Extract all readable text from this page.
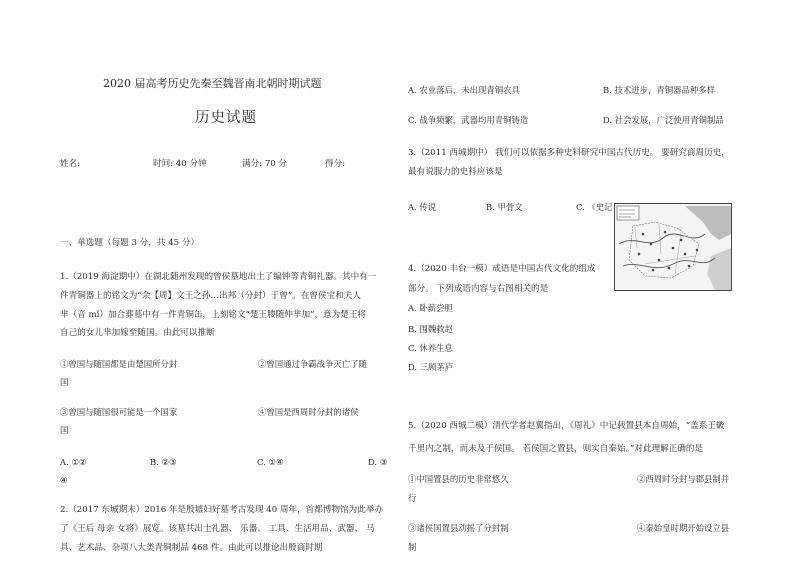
2020 届高考历史先秦至魏晋南北朝时期试题
历史试题
姓名:	时间: 40 分钟	满分: 70 分	得分:
一、单选题（每题 3 分，共 45 分）
1.（2019 海淀期中）在湖北随州发现的曾侯墓地出土了编钟等青铜礼器。其中有一
件青铜器上的铭文为“余【周】文王之孙…出邦（分封）于曾”。在曾侯宝和夫人
芈（音 mǐ）加合葬墓中有一件青铜缶，上刻铭文“楚王媵随仲芈加”，意为楚王将
自己的女儿芈加嫁至随国。由此可以推断
①曾国与随国都是由楚国所分封	②曾国通过争霸战争灭亡了随
国
③曾国与随国很可能是一个国家	④曾国是西周时分封的诸侯
国
A. ①②	B. ②③	C. ①④	D. ③
④
2.（2017 东城期末）2016 年是殷墟妇好墓考古发现 40 周年，首都博物馆为此举办
了《王后 母亲 女将》展览。该墓共出土礼器、 乐器、 工具、生活用品、武器、 马
具、艺术品、杂项八大类青铜制品 468 件。由此可以推论出殷商时期
A. 农业落后，未出现青铜农具	B. 技术进步，青铜器品种多样
C. 战争频繁，武器均用青铜铸造	D. 社会发展，广泛使用青铜制品
3.（2011 西城期中） 我们可以依据多种史料研究中国古代历史。 要研究商周历史，
最有说服力的史料应该是
A. 传说	B. 甲骨文	C. 《史记
4.（2020 丰台一模）成语是中国古代文化的组成
部分。 下列成语内容与右图相关的是
A. 卧薪尝胆
B. 围魏救赵
C. 休养生息
D. 三顾茅庐
5.（2020 西城二模）清代学者赵翼指出，《周礼》中记载置县本自周始，“盖系王畿
千里内之制，而未及于侯国。 若侯国之置县，则实自秦始。”对此理解正确的是
①中国置县的历史非常悠久	②西周时分封与郡县制并
行
③诸侯国置县动摇了分封制	④秦始皇时期开始设立县
制
